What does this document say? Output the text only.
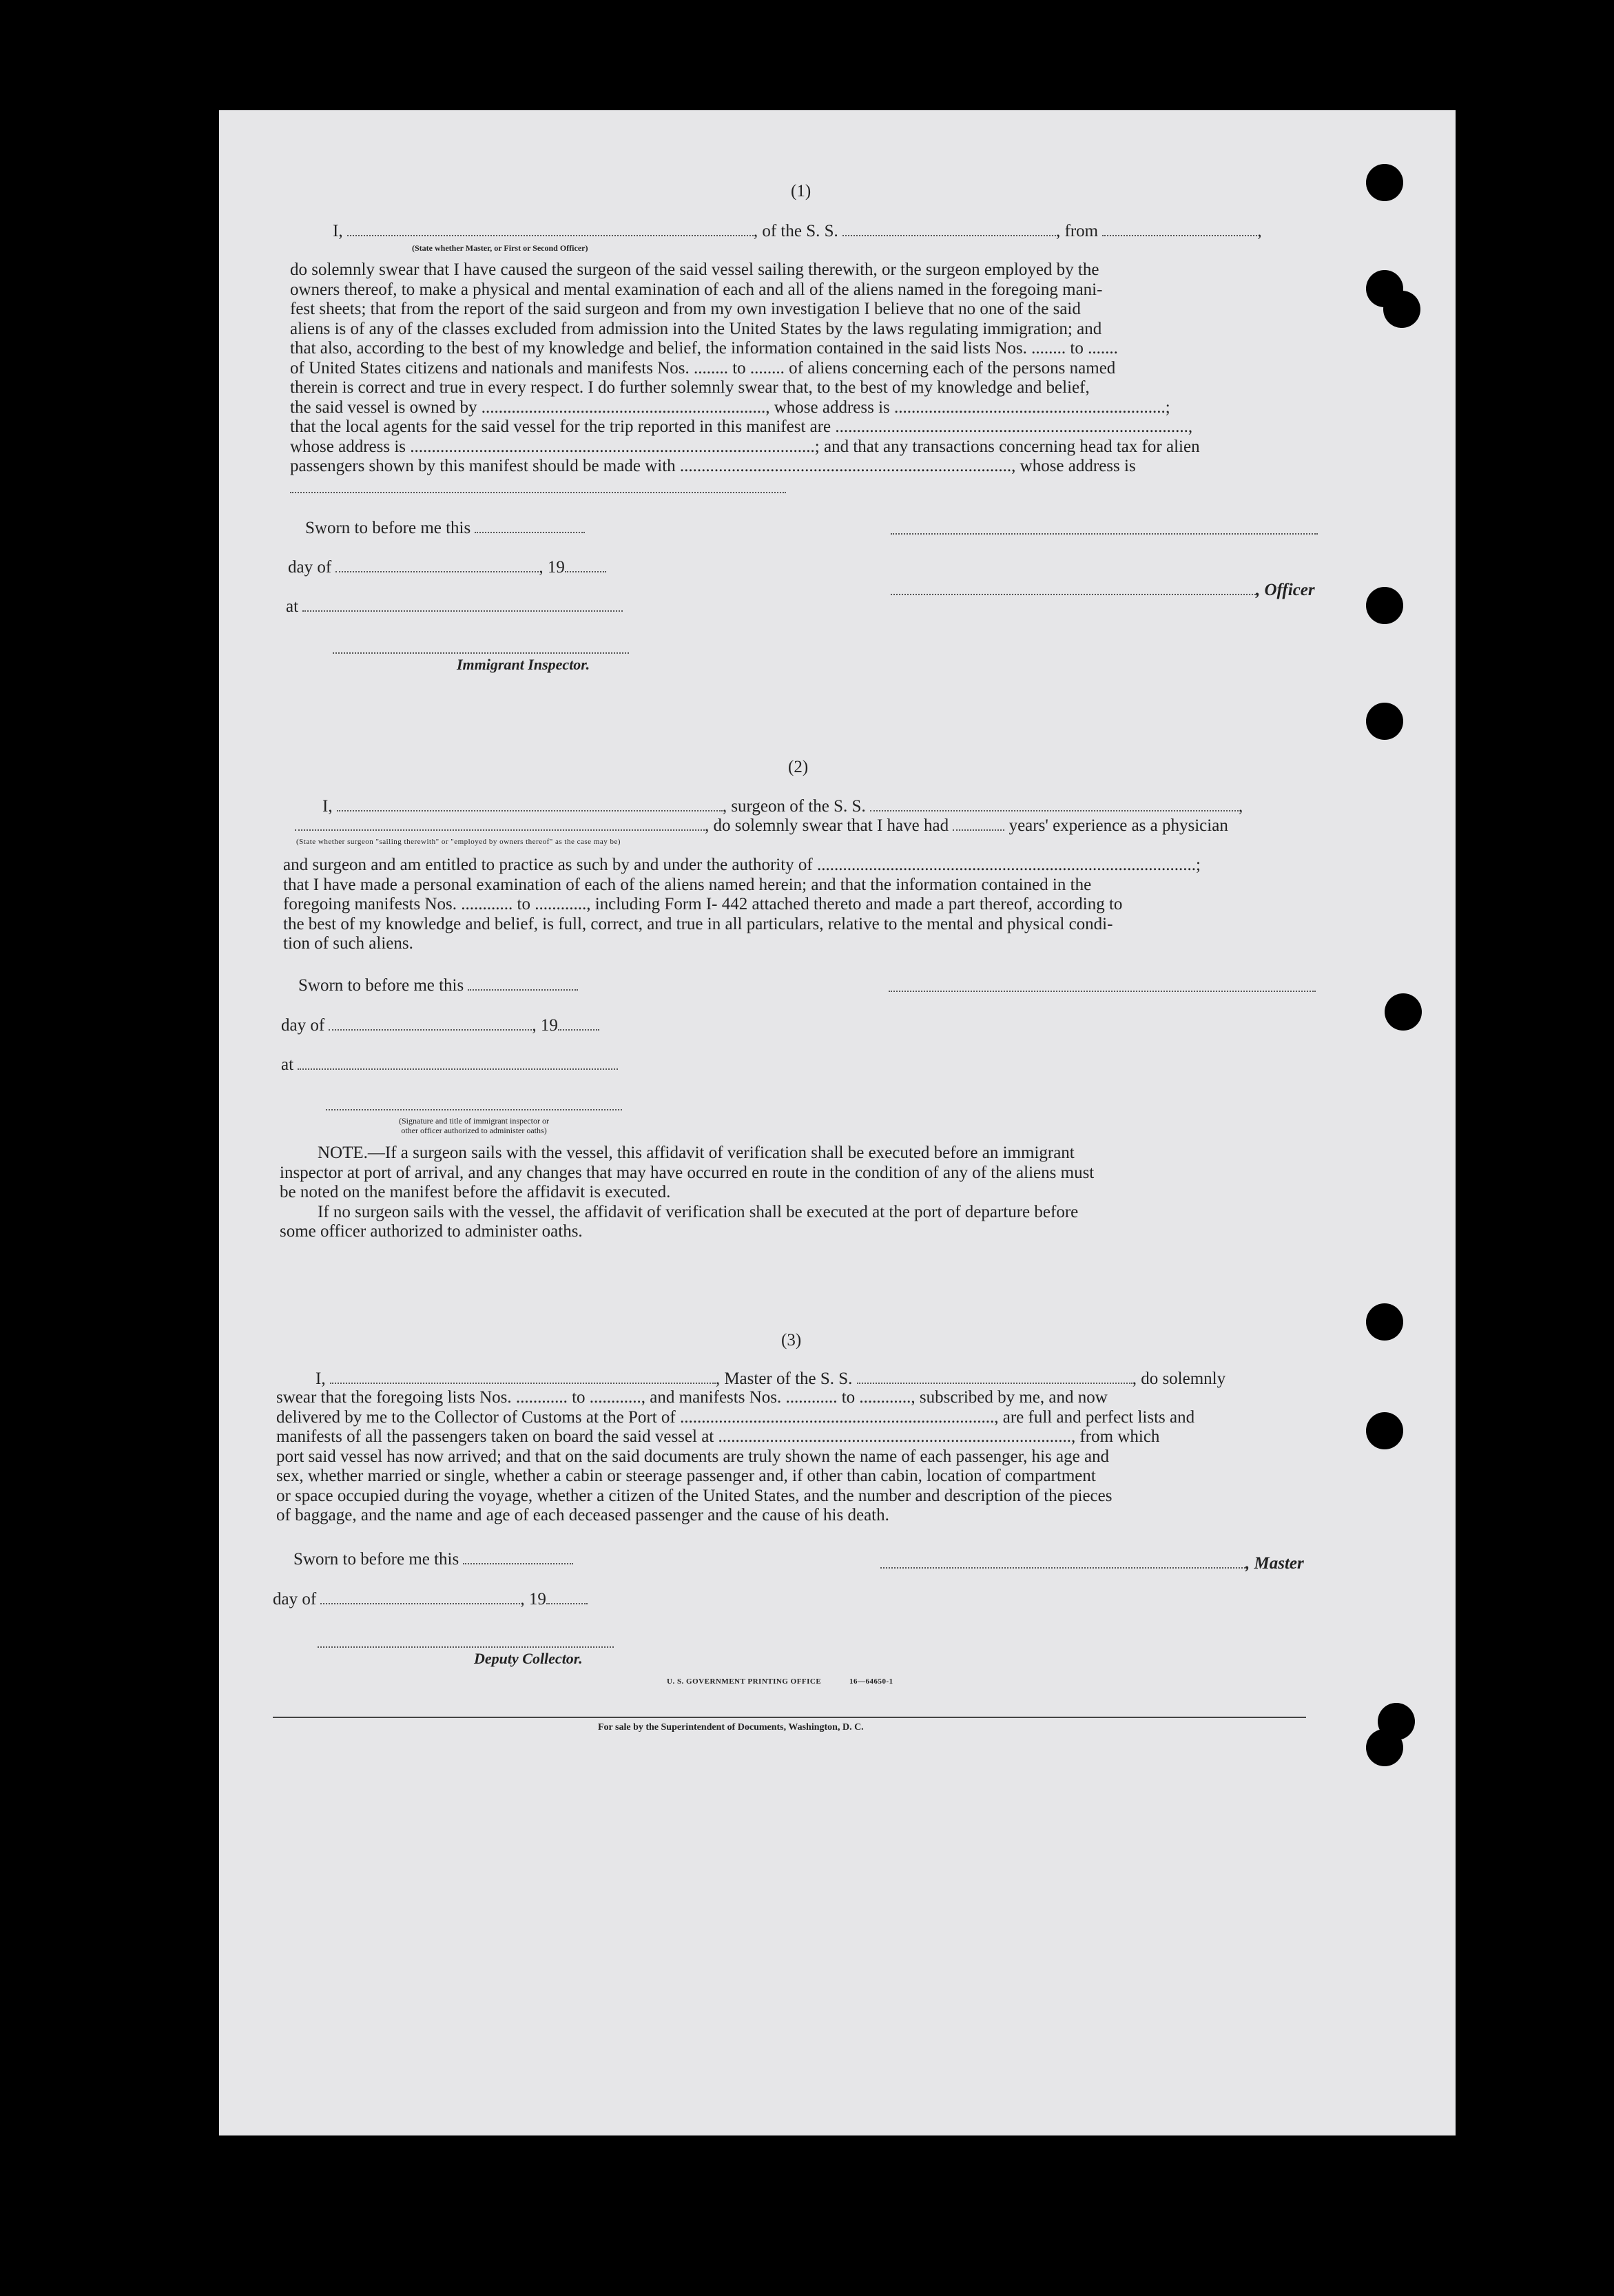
(1)
I,	, of the S. S.	, from	,
(State whether Master, or First or Second Officer)
do solemnly swear that I have caused the surgeon of the said vessel sailing therewith, or the surgeon employed by the
owners thereof, to make a physical and mental examination of each and all of the aliens named in the foregoing mani-
fest sheets; that from the report of the said surgeon and from my own investigation I believe that no one of the said
aliens is of any of the classes excluded from admission into the United States by the laws regulating immigration; and
that also, according to the best of my knowledge and belief, the information contained in the said lists Nos. ........ to .......
of United States citizens and nationals and manifests Nos. ........ to ........ of aliens concerning each of the persons named
therein is correct and true in every respect. I do further solemnly swear that, to the best of my knowledge and belief,
the said vessel is owned by .................................................................., whose address is ...............................................................;
that the local agents for the said vessel for the trip reported in this manifest are ..................................................................................,
whose address is ..............................................................................................; and that any transactions concerning head tax for alien
passengers shown by this manifest should be made with ............................................................................., whose address is
Sworn to before me this
day of	, 19
, Officer
at
Immigrant Inspector.
(2)
I,	, surgeon of the S. S.	,
, do solemnly swear that I have had	years' experience as a physician
(State whether surgeon "sailing therewith" or "employed by owners thereof" as the case may be)
and surgeon and am entitled to practice as such by and under the authority of ........................................................................................;
that I have made a personal examination of each of the aliens named herein; and that the information contained in the
foregoing manifests Nos. ............ to ............, including Form I- 442 attached thereto and made a part thereof, according to
the best of my knowledge and belief, is full, correct, and true in all particulars, relative to the mental and physical condi-
tion of such aliens.
Sworn to before me this
day of	, 19
at
(Signature and title of immigrant inspector or
other officer authorized to administer oaths)
NOTE.—If a surgeon sails with the vessel, this affidavit of verification shall be executed before an immigrant
inspector at port of arrival, and any changes that may have occurred en route in the condition of any of the aliens must
be noted on the manifest before the affidavit is executed.
If no surgeon sails with the vessel, the affidavit of verification shall be executed at the port of departure before
some officer authorized to administer oaths.
(3)
I,	, Master of the S. S.	, do solemnly
swear that the foregoing lists Nos. ............ to ............, and manifests Nos. ............ to ............, subscribed by me, and now
delivered by me to the Collector of Customs at the Port of ........................................................................., are full and perfect lists and
manifests of all the passengers taken on board the said vessel at .................................................................................., from which
port said vessel has now arrived; and that on the said documents are truly shown the name of each passenger, his age and
sex, whether married or single, whether a cabin or steerage passenger and, if other than cabin, location of compartment
or space occupied during the voyage, whether a citizen of the United States, and the number and description of the pieces
of baggage, and the name and age of each deceased passenger and the cause of his death.
Sworn to before me this	, Master
day of	, 19
Deputy Collector.
U. S. GOVERNMENT PRINTING OFFICE	16—64650-1
For sale by the Superintendent of Documents, Washington, D. C.
